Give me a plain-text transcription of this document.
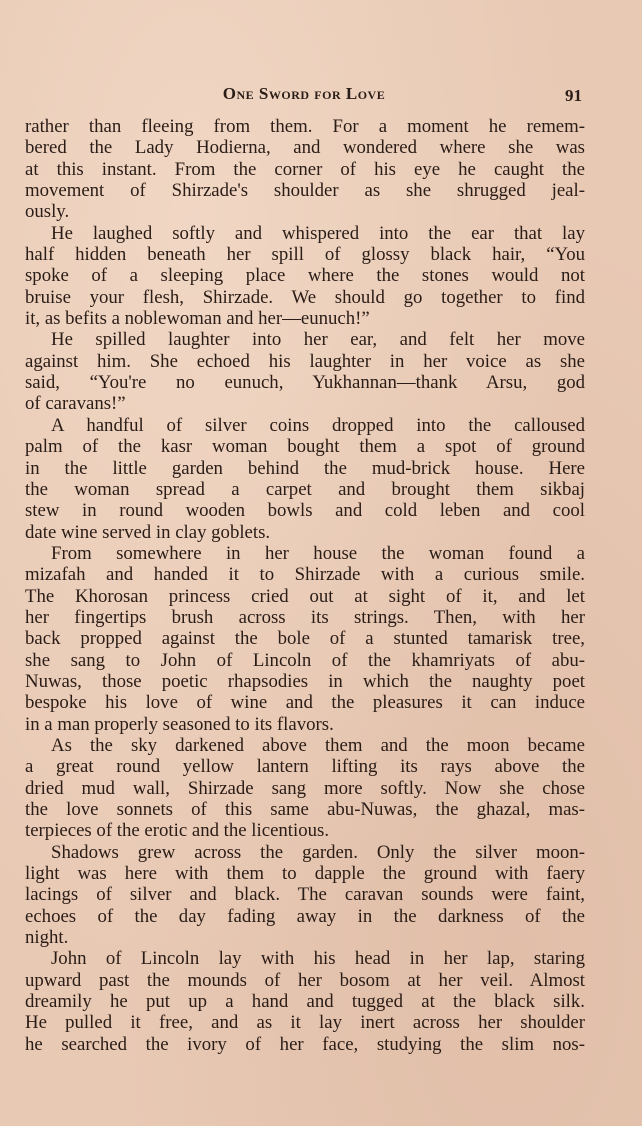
One Sword for Love	91
rather than fleeing from them. For a moment he remem-
bered the Lady Hodierna, and wondered where she was
at this instant. From the corner of his eye he caught the
movement of Shirzade's shoulder as she shrugged jeal-
ously.
He laughed softly and whispered into the ear that lay
half hidden beneath her spill of glossy black hair, “You
spoke of a sleeping place where the stones would not
bruise your flesh, Shirzade. We should go together to find
it, as befits a noblewoman and her—eunuch!”
He spilled laughter into her ear, and felt her move
against him. She echoed his laughter in her voice as she
said, “You're no eunuch, Yukhannan—thank Arsu, god
of caravans!”
A handful of silver coins dropped into the calloused
palm of the kasr woman bought them a spot of ground
in the little garden behind the mud-brick house. Here
the woman spread a carpet and brought them sikbaj
stew in round wooden bowls and cold leben and cool
date wine served in clay goblets.
From somewhere in her house the woman found a
mizafah and handed it to Shirzade with a curious smile.
The Khorosan princess cried out at sight of it, and let
her fingertips brush across its strings. Then, with her
back propped against the bole of a stunted tamarisk tree,
she sang to John of Lincoln of the khamriyats of abu-
Nuwas, those poetic rhapsodies in which the naughty poet
bespoke his love of wine and the pleasures it can induce
in a man properly seasoned to its flavors.
As the sky darkened above them and the moon became
a great round yellow lantern lifting its rays above the
dried mud wall, Shirzade sang more softly. Now she chose
the love sonnets of this same abu-Nuwas, the ghazal, mas-
terpieces of the erotic and the licentious.
Shadows grew across the garden. Only the silver moon-
light was here with them to dapple the ground with faery
lacings of silver and black. The caravan sounds were faint,
echoes of the day fading away in the darkness of the
night.
John of Lincoln lay with his head in her lap, staring
upward past the mounds of her bosom at her veil. Almost
dreamily he put up a hand and tugged at the black silk.
He pulled it free, and as it lay inert across her shoulder
he searched the ivory of her face, studying the slim nos-
